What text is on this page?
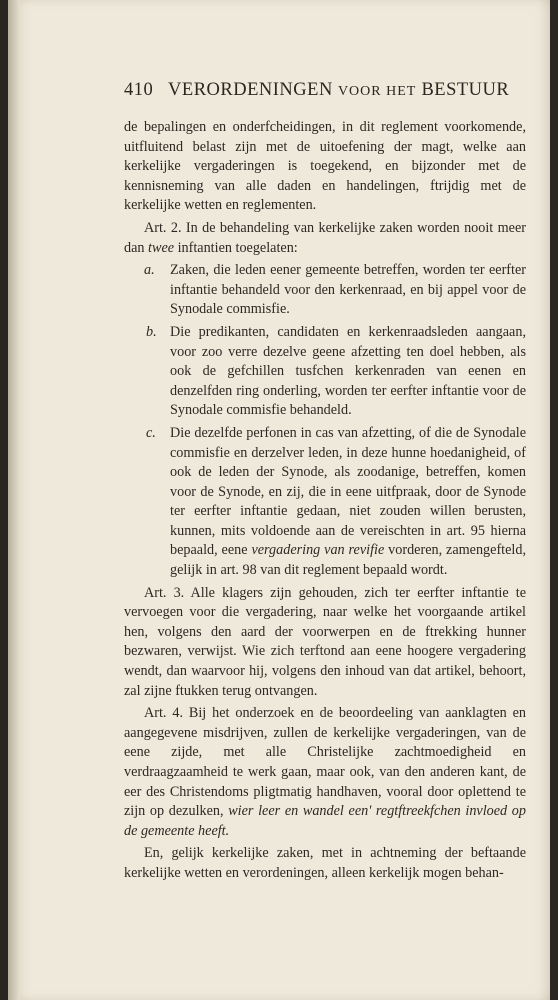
410 VERORDENINGEN VOOR HET BESTUUR

de bepalingen en onderfcheidingen, in dit reglement voorkomende, uitfluitend belast zijn met de uitoefening der magt, welke aan kerkelijke vergaderingen is toegekend, en bijzonder met de kennisneming van alle daden en handelingen, ftrijdig met de kerkelijke wetten en reglementen.

Art. 2. In de behandeling van kerkelijke zaken worden nooit meer dan twee inftantien toegelaten:

a. Zaken, die leden eener gemeente betreffen, worden ter eerfter inftantie behandeld voor den kerkenraad, en bij appel voor de Synodale commisfie.

b. Die predikanten, candidaten en kerkenraadsleden aangaan, voor zoo verre dezelve geene afzetting ten doel hebben, als ook de gefchillen tusfchen kerkenraden van eenen en denzelfden ring onderling, worden ter eerfter inftantie voor de Synodale commisfie behandeld.

c. Die dezelfde perfonen in cas van afzetting, of die de Synodale commisfie en derzelver leden, in deze hunne hoedanigheid, of ook de leden der Synode, als zoodanige, betreffen, komen voor de Synode, en zij, die in eene uitfpraak, door de Synode ter eerfter inftantie gedaan, niet zouden willen berusten, kunnen, mits voldoende aan de vereischten in art. 95 hierna bepaald, eene vergadering van revifie vorderen, zamengefteld, gelijk in art. 98 van dit reglement bepaald wordt.

Art. 3. Alle klagers zijn gehouden, zich ter eerfter inftantie te vervoegen voor die vergadering, naar welke het voorgaande artikel hen, volgens den aard der voorwerpen en de ftrekking hunner bezwaren, verwijst. Wie zich terftond aan eene hoogere vergadering wendt, dan waarvoor hij, volgens den inhoud van dat artikel, behoort, zal zijne ftukken terug ontvangen.

Art. 4. Bij het onderzoek en de beoordeeling van aanklagten en aangegevene misdrijven, zullen de kerkelijke vergaderingen, van de eene zijde, met alle Christelijke zachtmoedigheid en verdraagzaamheid te werk gaan, maar ook, van den anderen kant, de eer des Christendoms pligtmatig handhaven, vooral door oplettend te zijn op dezulken, wier leer en wandel een' regtftreekfchen invloed op de gemeente heeft.

En, gelijk kerkelijke zaken, met in achtneming der beftaande kerkelijke wetten en verordeningen, alleen kerkelijk mogen behan-
